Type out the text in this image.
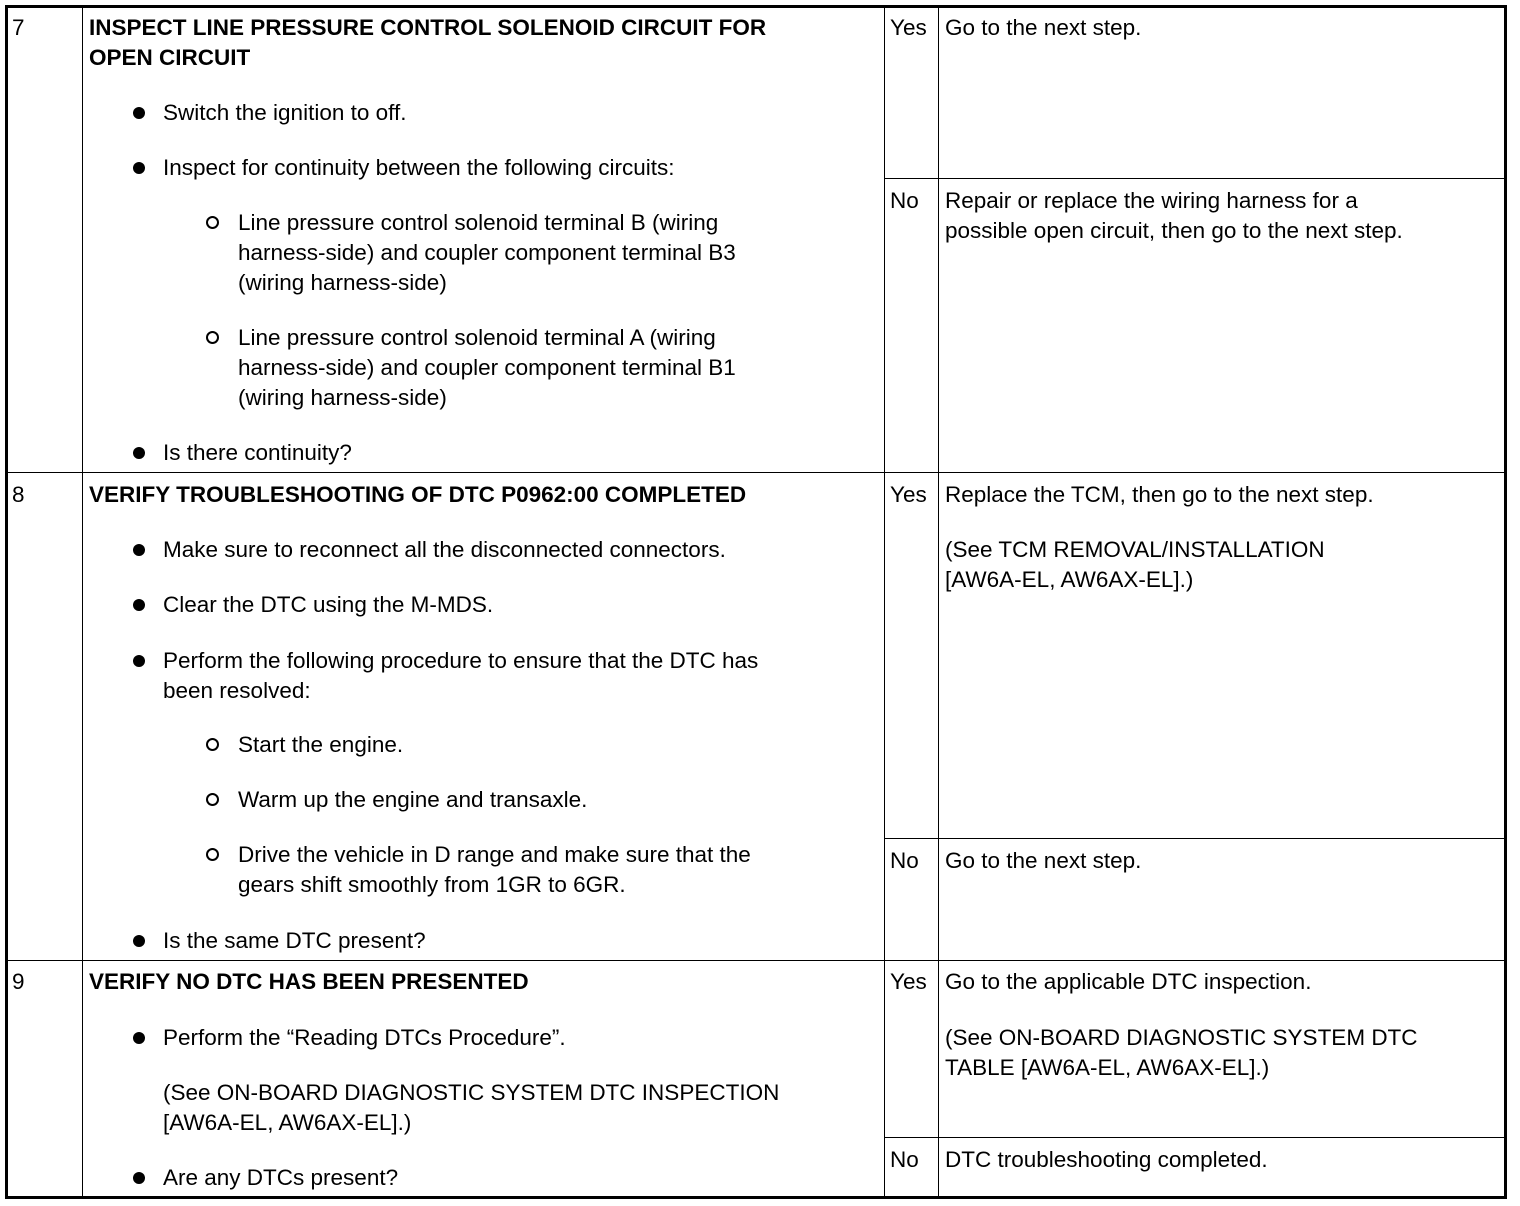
7	INSPECT LINE PRESSURE CONTROL SOLENOID CIRCUIT FOR
OPEN CIRCUIT
Switch the ignition to off.
Inspect for continuity between the following circuits:
Line pressure control solenoid terminal B (wiring
harness-side) and coupler component terminal B3
(wiring harness-side)
Line pressure control solenoid terminal A (wiring
harness-side) and coupler component terminal B1
(wiring harness-side)
Is there continuity?
Yes Go to the next step.
No Repair or replace the wiring harness for a
possible open circuit, then go to the next step.
8	VERIFY TROUBLESHOOTING OF DTC P0962:00 COMPLETED
Make sure to reconnect all the disconnected connectors.
Clear the DTC using the M-MDS.
Perform the following procedure to ensure that the DTC has
been resolved:
Start the engine.
Warm up the engine and transaxle.
Drive the vehicle in D range and make sure that the
gears shift smoothly from 1GR to 6GR.
Is the same DTC present?
Yes Replace the TCM, then go to the next step.
(See TCM REMOVAL/INSTALLATION
[AW6A-EL, AW6AX-EL].)
No Go to the next step.
9	VERIFY NO DTC HAS BEEN PRESENTED
Perform the “Reading DTCs Procedure”.
(See ON-BOARD DIAGNOSTIC SYSTEM DTC INSPECTION
[AW6A-EL, AW6AX-EL].)
Are any DTCs present?
Yes Go to the applicable DTC inspection.
(See ON-BOARD DIAGNOSTIC SYSTEM DTC
TABLE [AW6A-EL, AW6AX-EL].)
No DTC troubleshooting completed.
